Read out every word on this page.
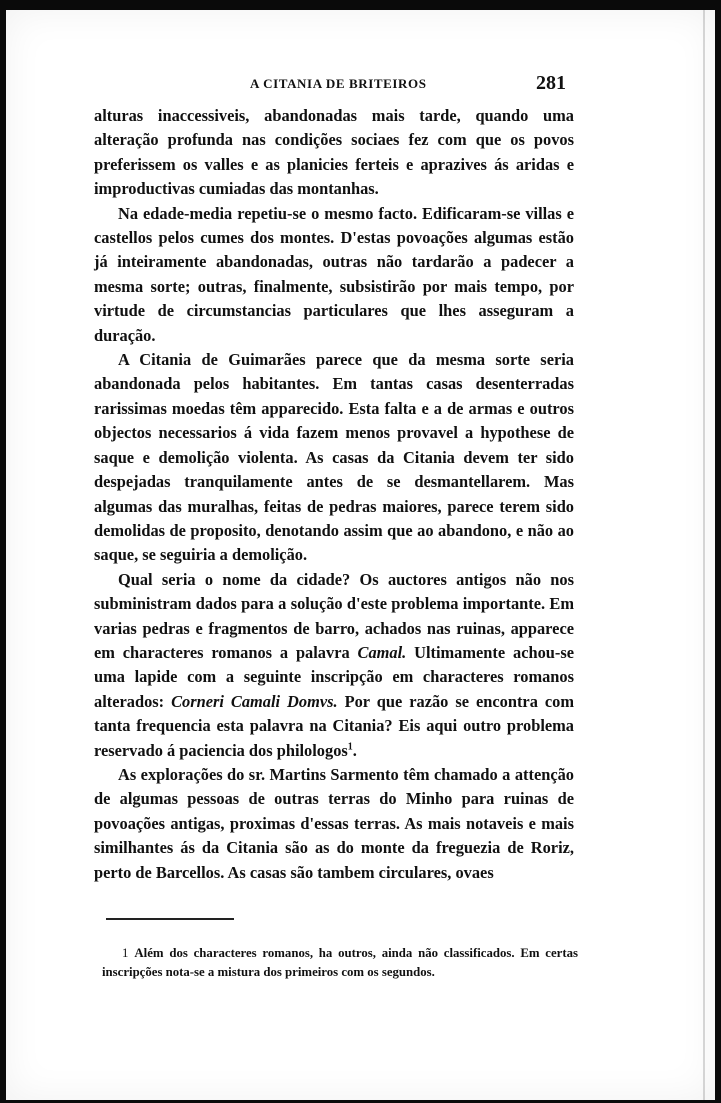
A CITANIA DE BRITEIROS	281

alturas inaccessiveis, abandonadas mais tarde, quando uma alteração profunda nas condições sociaes fez com que os povos preferissem os valles e as planicies ferteis e aprazives ás aridas e improductivas cumiadas das montanhas.

Na edade-media repetiu-se o mesmo facto. Edificaram-se villas e castellos pelos cumes dos montes. D'estas povoações algumas estão já inteiramente abandonadas, outras não tardarão a padecer a mesma sorte; outras, finalmente, subsistirão por mais tempo, por virtude de circumstancias particulares que lhes asseguram a duração.

A Citania de Guimarães parece que da mesma sorte seria abandonada pelos habitantes. Em tantas casas desenterradas rarissimas moedas têm apparecido. Esta falta e a de armas e outros objectos necessarios á vida fazem menos provavel a hypothese de saque e demolição violenta. As casas da Citania devem ter sido despejadas tranquilamente antes de se desmantellarem. Mas algumas das muralhas, feitas de pedras maiores, parece terem sido demolidas de proposito, denotando assim que ao abandono, e não ao saque, se seguiria a demolição.

Qual seria o nome da cidade? Os auctores antigos não nos subministram dados para a solução d'este problema importante. Em varias pedras e fragmentos de barro, achados nas ruinas, apparece em characteres romanos a palavra Camal. Ultimamente achou-se uma lapide com a seguinte inscripção em characteres romanos alterados: Corneri Camali Domvs. Por que razão se encontra com tanta frequencia esta palavra na Citania? Eis aqui outro problema reservado á paciencia dos philologos$^1$.

As explorações do sr. Martins Sarmento têm chamado a attenção de algumas pessoas de outras terras do Minho para ruinas de povoações antigas, proximas d'essas terras. As mais notaveis e mais similhantes ás da Citania são as do monte da freguezia de Roriz, perto de Barcellos. As casas são tambem circulares, ovaes

1 Além dos characteres romanos, ha outros, ainda não classificados. Em certas inscripções nota-se a mistura dos primeiros com os segundos.
